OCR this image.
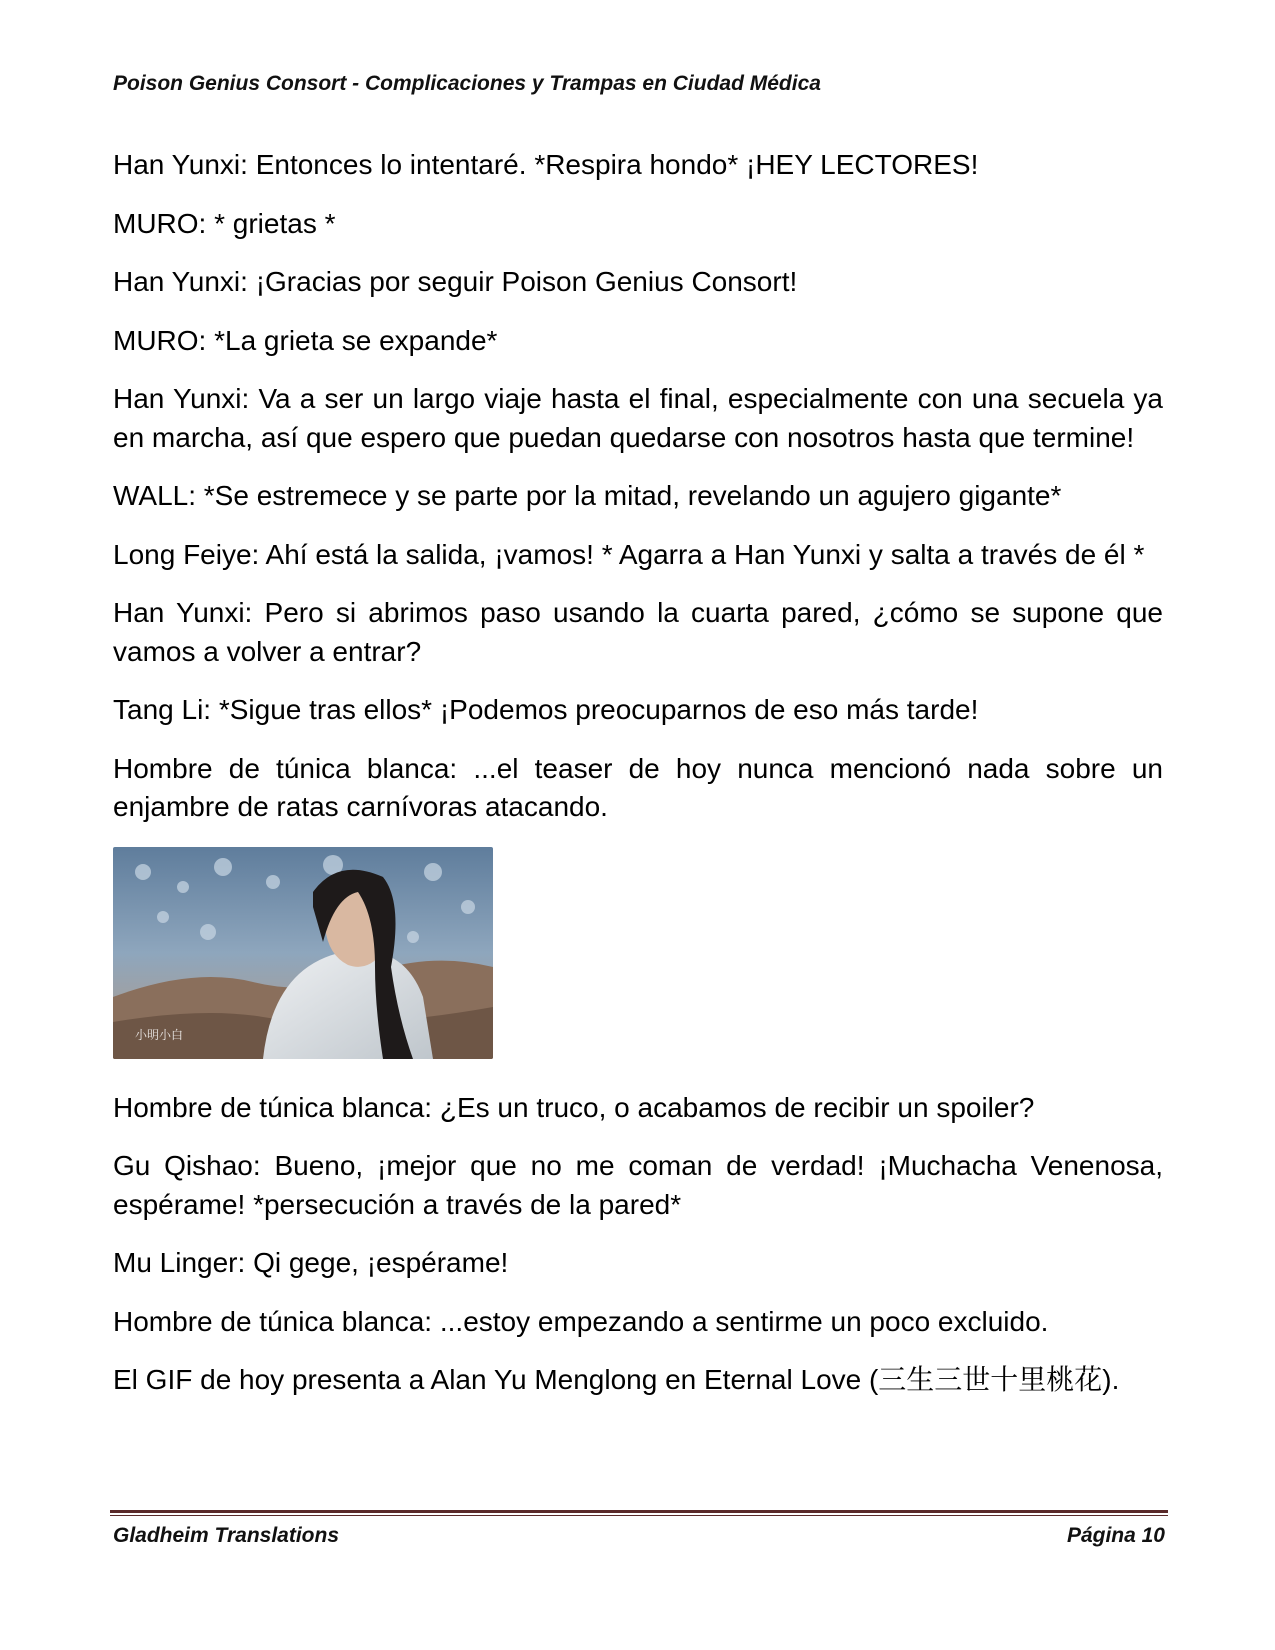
Poison Genius Consort - Complicaciones y Trampas en Ciudad Médica

Han Yunxi: Entonces lo intentaré. *Respira hondo* ¡HEY LECTORES!

MURO: * grietas *

Han Yunxi: ¡Gracias por seguir Poison Genius Consort!

MURO: *La grieta se expande*

Han Yunxi: Va a ser un largo viaje hasta el final, especialmente con una secuela ya en marcha, así que espero que puedan quedarse con nosotros hasta que termine!

WALL: *Se estremece y se parte por la mitad, revelando un agujero gigante*

Long Feiye: Ahí está la salida, ¡vamos! * Agarra a Han Yunxi y salta a través de él *

Han Yunxi: Pero si abrimos paso usando la cuarta pared, ¿cómo se supone que vamos a volver a entrar?

Tang Li: *Sigue tras ellos* ¡Podemos preocuparnos de eso más tarde!

Hombre de túnica blanca: ...el teaser de hoy nunca mencionó nada sobre un enjambre de ratas carnívoras atacando.

小明小白

Hombre de túnica blanca: ¿Es un truco, o acabamos de recibir un spoiler?

Gu Qishao: Bueno, ¡mejor que no me coman de verdad! ¡Muchacha Venenosa, espérame! *persecución a través de la pared*

Mu Linger: Qi gege, ¡espérame!

Hombre de túnica blanca: ...estoy empezando a sentirme un poco excluido.

El GIF de hoy presenta a Alan Yu Menglong en Eternal Love (三生三世十里桃花).

Gladheim Translations	Página 10
